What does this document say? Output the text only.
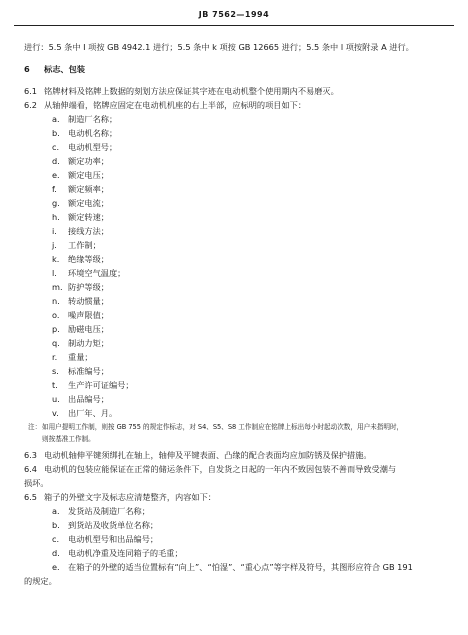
JB 7562—1994
进行：5.5 条中 I 项按 GB 4942.1 进行；5.5 条中 k 项按 GB 12665 进行；5.5 条中 l 项按附录 A 进行。
6 标志、包装
6.1 铭牌材料及铭牌上数据的刻划方法应保证其字迹在电动机整个使用期内不易磨灭。
6.2 从轴伸端看，铭牌应固定在电动机机座的右上半部，应标明的项目如下：
a. 制造厂名称；
b. 电动机名称；
c. 电动机型号；
d. 额定功率；
e. 额定电压；
f. 额定频率；
g. 额定电流；
h. 额定转速；
i. 接线方法；
j. 工作制；
k. 绝缘等级；
l. 环境空气温度；
m. 防护等级；
n. 转动惯量；
o. 噪声限值；
p. 励磁电压；
q. 制动力矩；
r. 重量；
s. 标准编号；
t. 生产许可证编号；
u. 出品编号；
v. 出厂年、月。
注： 如用户提明工作制，则按 GB 755 的规定作标志，对 S4、S5、S8 工作制应在铭牌上标出每小时起动次数，用户未指明时，
则按基准工作制。
6.3 电动机轴伸平键须绑扎在轴上，轴伸及平键表面、凸缘的配合表面均应加防锈及保护措施。
6.4 电动机的包装应能保证在正常的储运条件下，自发货之日起的一年内不致因包装不善而导致受潮与
损坏。
6.5 箱子的外壁文字及标志应清楚整齐，内容如下：
a. 发货站及制造厂名称；
b. 到货站及收货单位名称；
c. 电动机型号和出品编号；
d. 电动机净重及连同箱子的毛重；
e. 在箱子的外壁的适当位置标有“向上”、“怕湿”、“重心点”等字样及符号，其图形应符合 GB 191
的规定。
